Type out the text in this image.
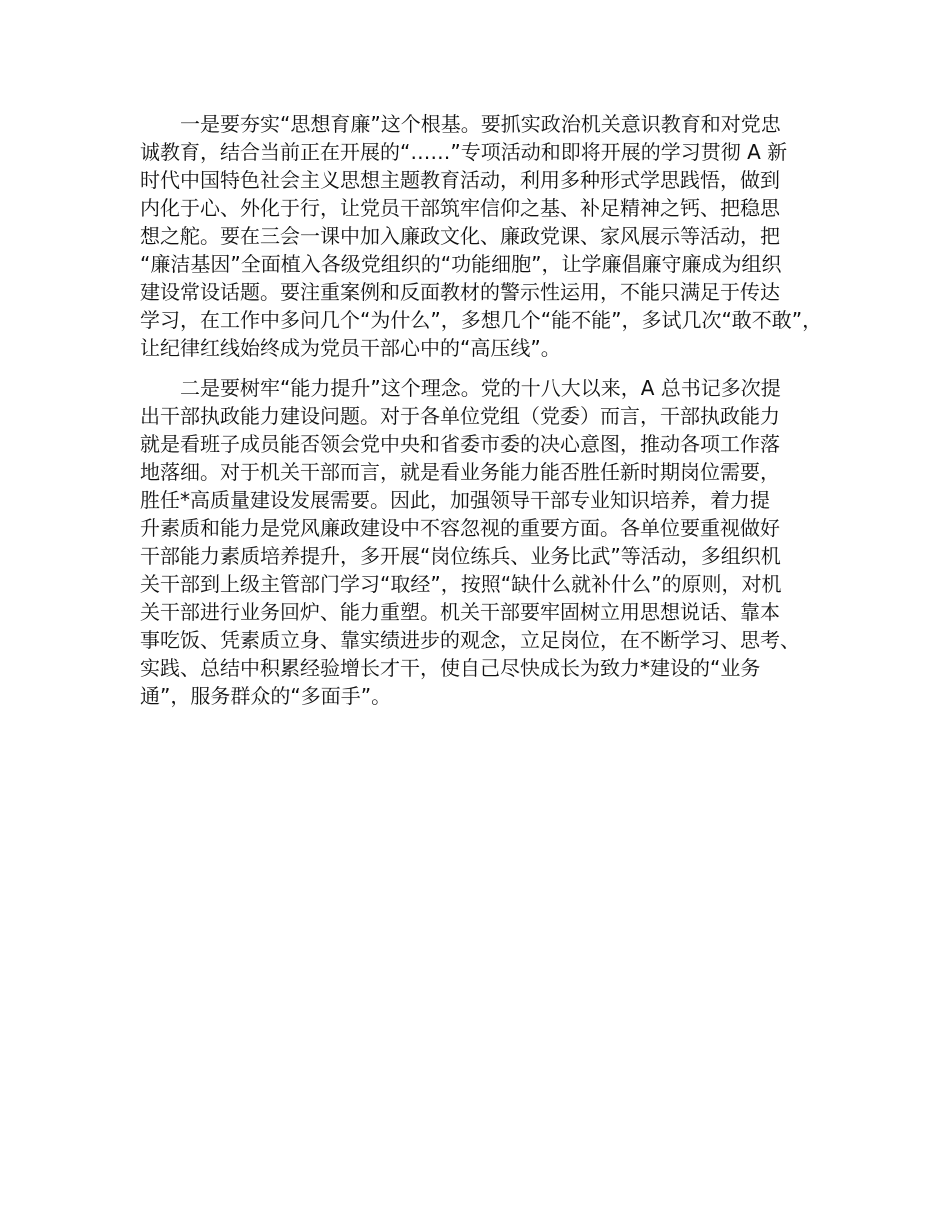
　　一是要夯实“思想育廉”这个根基。要抓实政治机关意识教育和对党忠
诚教育，结合当前正在开展的“……”专项活动和即将开展的学习贯彻 A 新
时代中国特色社会主义思想主题教育活动，利用多种形式学思践悟，做到
内化于心、外化于行，让党员干部筑牢信仰之基、补足精神之钙、把稳思
想之舵。要在三会一课中加入廉政文化、廉政党课、家风展示等活动，把
“廉洁基因”全面植入各级党组织的“功能细胞”，让学廉倡廉守廉成为组织
建设常设话题。要注重案例和反面教材的警示性运用，不能只满足于传达
学习，在工作中多问几个“为什么”，多想几个“能不能”，多试几次“敢不敢”，
让纪律红线始终成为党员干部心中的“高压线”。
　　二是要树牢“能力提升”这个理念。党的十八大以来，A 总书记多次提
出干部执政能力建设问题。对于各单位党组（党委）而言，干部执政能力
就是看班子成员能否领会党中央和省委市委的决心意图，推动各项工作落
地落细。对于机关干部而言，就是看业务能力能否胜任新时期岗位需要，
胜任*高质量建设发展需要。因此，加强领导干部专业知识培养，着力提
升素质和能力是党风廉政建设中不容忽视的重要方面。各单位要重视做好
干部能力素质培养提升，多开展“岗位练兵、业务比武”等活动，多组织机
关干部到上级主管部门学习“取经”，按照“缺什么就补什么”的原则，对机
关干部进行业务回炉、能力重塑。机关干部要牢固树立用思想说话、靠本
事吃饭、凭素质立身、靠实绩进步的观念，立足岗位，在不断学习、思考、
实践、总结中积累经验增长才干，使自己尽快成长为致力*建设的“业务
通”，服务群众的“多面手”。
